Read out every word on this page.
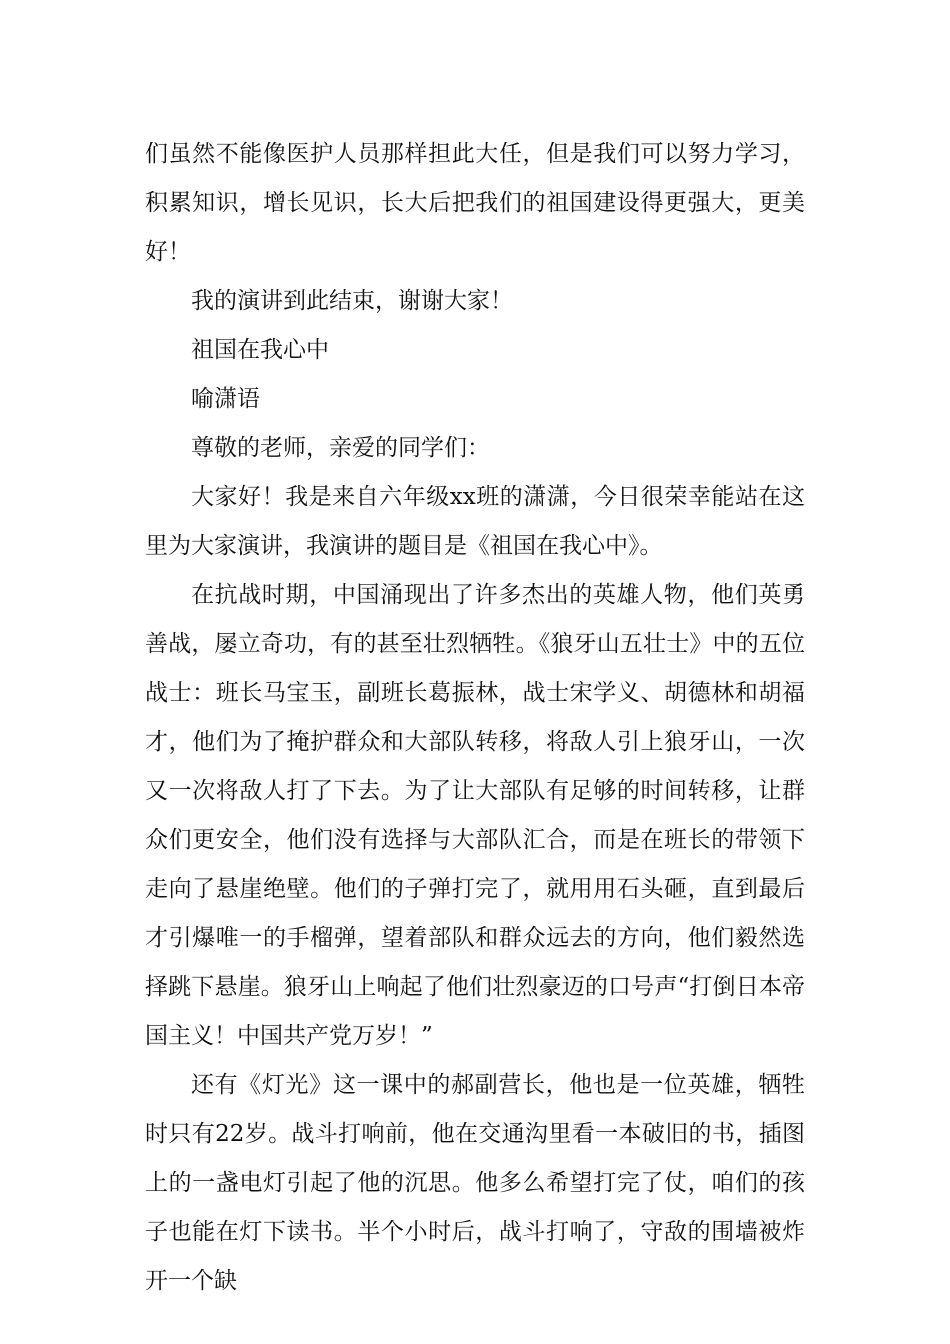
们虽然不能像医护人员那样担此大任，但是我们可以努力学习，积累知识，增长见识，长大后把我们的祖国建设得更强大，更美好！

我的演讲到此结束，谢谢大家！

祖国在我心中

喻潇语

尊敬的老师，亲爱的同学们：

大家好！我是来自六年级xx班的潇潇，今日很荣幸能站在这里为大家演讲，我演讲的题目是《祖国在我心中》。

在抗战时期，中国涌现出了许多杰出的英雄人物，他们英勇善战，屡立奇功，有的甚至壮烈牺牲。《狼牙山五壮士》中的五位战士：班长马宝玉，副班长葛振林，战士宋学义、胡德林和胡福才，他们为了掩护群众和大部队转移，将敌人引上狼牙山，一次又一次将敌人打了下去。为了让大部队有足够的时间转移，让群众们更安全，他们没有选择与大部队汇合，而是在班长的带领下走向了悬崖绝壁。他们的子弹打完了，就用用石头砸，直到最后才引爆唯一的手榴弹，望着部队和群众远去的方向，他们毅然选择跳下悬崖。狼牙山上响起了他们壮烈豪迈的口号声“打倒日本帝国主义！中国共产党万岁！”

还有《灯光》这一课中的郝副营长，他也是一位英雄，牺牲时只有22岁。战斗打响前，他在交通沟里看一本破旧的书，插图上的一盏电灯引起了他的沉思。他多么希望打完了仗，咱们的孩子也能在灯下读书。半个小时后，战斗打响了，守敌的围墙被炸开一个缺
